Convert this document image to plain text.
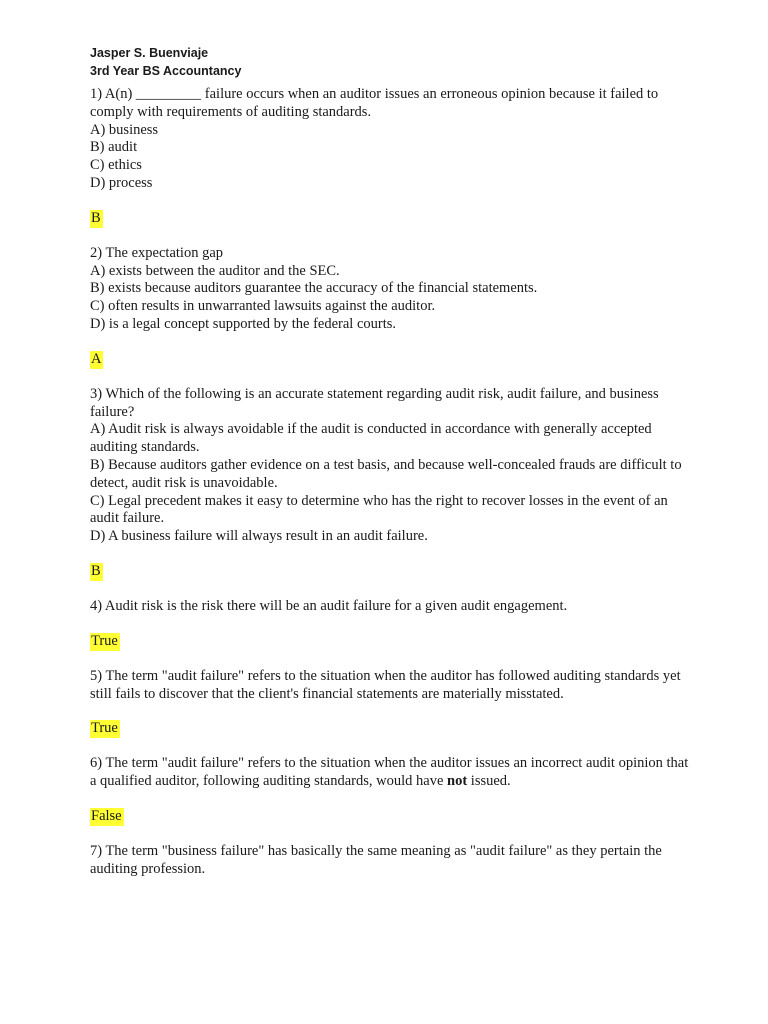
Jasper S. Buenviaje
3rd Year BS Accountancy
1) A(n) _________ failure occurs when an auditor issues an erroneous opinion because it failed to comply with requirements of auditing standards.
A) business
B) audit
C) ethics
D) process
B
2) The expectation gap
A) exists between the auditor and the SEC.
B) exists because auditors guarantee the accuracy of the financial statements.
C) often results in unwarranted lawsuits against the auditor.
D) is a legal concept supported by the federal courts.
A
3) Which of the following is an accurate statement regarding audit risk, audit failure, and business failure?
A) Audit risk is always avoidable if the audit is conducted in accordance with generally accepted auditing standards.
B) Because auditors gather evidence on a test basis, and because well-concealed frauds are difficult to detect, audit risk is unavoidable.
C) Legal precedent makes it easy to determine who has the right to recover losses in the event of an audit failure.
D) A business failure will always result in an audit failure.
B
4) Audit risk is the risk there will be an audit failure for a given audit engagement.
True
5) The term "audit failure" refers to the situation when the auditor has followed auditing standards yet still fails to discover that the client's financial statements are materially misstated.
True
6) The term "audit failure" refers to the situation when the auditor issues an incorrect audit opinion that a qualified auditor, following auditing standards, would have not issued.
False
7) The term "business failure" has basically the same meaning as "audit failure" as they pertain the auditing profession.
